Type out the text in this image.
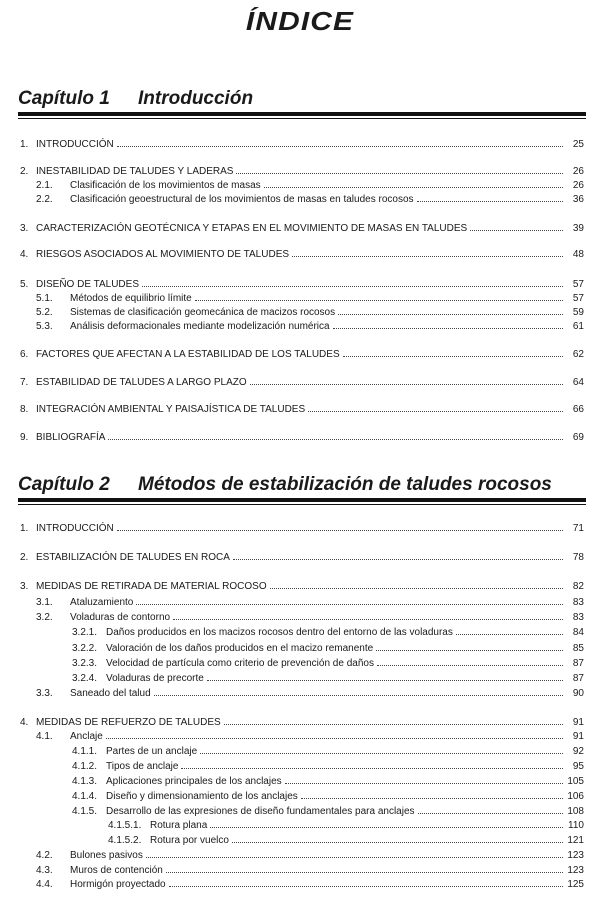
ÍNDICE
Capítulo 1 Introducción
Capítulo 2 Métodos de estabilización de taludes rocosos
1. INTRODUCCIÓN	25
2. INESTABILIDAD DE TALUDES Y LADERAS	26
2.1.	Clasificación de los movimientos de masas	26
2.2.	Clasificación geoestructural de los movimientos de masas en taludes rocosos	36
3. CARACTERIZACIÓN GEOTÉCNICA Y ETAPAS EN EL MOVIMIENTO DE MASAS EN TALUDES	39
4. RIESGOS ASOCIADOS AL MOVIMIENTO DE TALUDES	48
5. DISEÑO DE TALUDES	57
5.1.	Métodos de equilibrio límite	57
5.2.	Sistemas de clasificación geomecánica de macizos rocosos	59
5.3.	Análisis deformacionales mediante modelización numérica	61
6. FACTORES QUE AFECTAN A LA ESTABILIDAD DE LOS TALUDES	62
7. ESTABILIDAD DE TALUDES A LARGO PLAZO	64
8. INTEGRACIÓN AMBIENTAL Y PAISAJÍSTICA DE TALUDES	66
9. BIBLIOGRAFÍA	69
1. INTRODUCCIÓN	71
2. ESTABILIZACIÓN DE TALUDES EN ROCA	78
3. MEDIDAS DE RETIRADA DE MATERIAL ROCOSO	82
3.1.	Ataluzamiento	83
3.2.	Voladuras de contorno	83
3.2.1. Daños producidos en los macizos rocosos dentro del entorno de las voladuras	84
3.2.2. Valoración de los daños producidos en el macizo remanente	85
3.2.3. Velocidad de partícula como criterio de prevención de daños	87
3.2.4. Voladuras de precorte	87
3.3.	Saneado del talud	90
4. MEDIDAS DE REFUERZO DE TALUDES	91
4.1.	Anclaje	91
4.1.1. Partes de un anclaje	92
4.1.2. Tipos de anclaje	95
4.1.3. Aplicaciones principales de los anclajes	105
4.1.4. Diseño y dimensionamiento de los anclajes	106
4.1.5. Desarrollo de las expresiones de diseño fundamentales para anclajes	108
4.1.5.1. Rotura plana	110
4.1.5.2. Rotura por vuelco	121
4.2.	Bulones pasivos	123
4.3.	Muros de contención	123
4.4.	Hormigón proyectado	125
